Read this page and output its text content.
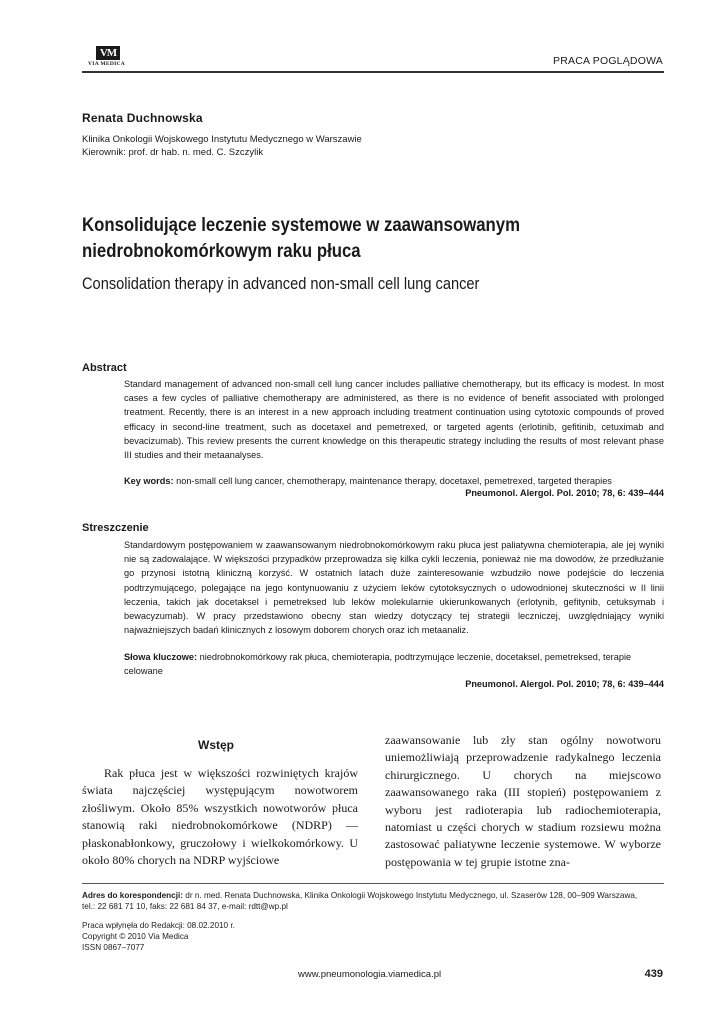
VM
VIA MEDICA	PRACA POGLĄDOWA
Renata Duchnowska
Klinika Onkologii Wojskowego Instytutu Medycznego w Warszawie
Kierownik: prof. dr hab. n. med. C. Szczylik
Konsolidujące leczenie systemowe w zaawansowanym niedrobnokomórkowym raku płuca
Consolidation therapy in advanced non-small cell lung cancer
Abstract
Standard management of advanced non-small cell lung cancer includes palliative chemotherapy, but its efficacy is modest. In most cases a few cycles of palliative chemotherapy are administered, as there is no evidence of benefit associated with prolonged treatment. Recently, there is an interest in a new approach including treatment continuation using cytotoxic compounds of proved efficacy in second-line treatment, such as docetaxel and pemetrexed, or targeted agents (erlotinib, gefitinib, cetuximab and bevacizumab). This review presents the current knowledge on this therapeutic strategy including the results of most relevant phase III studies and their metaanalyses.
Key words: non-small cell lung cancer, chemotherapy, maintenance therapy, docetaxel, pemetrexed, targeted therapies
Pneumonol. Alergol. Pol. 2010; 78, 6: 439–444
Streszczenie
Standardowym postępowaniem w zaawansowanym niedrobnokomórkowym raku płuca jest paliatywna chemioterapia, ale jej wyniki nie są zadowalające. W większości przypadków przeprowadza się kilka cykli leczenia, ponieważ nie ma dowodów, że przedłużanie go przynosi istotną kliniczną korzyść. W ostatnich latach duże zainteresowanie wzbudziło nowe podejście do leczenia podtrzymującego, polegające na jego kontynuowaniu z użyciem leków cytotoksycznych o udowodnionej skuteczności w II linii leczenia, takich jak docetaksel i pemetreksed lub leków molekularnie ukierunkowanych (erlotynib, gefitynib, cetuksymab i bewacyzumab). W pracy przedstawiono obecny stan wiedzy dotyczący tej strategii leczniczej, uwzględniający wyniki najważniejszych badań klinicznych z losowym doborem chorych oraz ich metaanaliz.
Słowa kluczowe: niedrobnokomórkowy rak płuca, chemioterapia, podtrzymujące leczenie, docetaksel, pemetreksed, terapie celowane
Pneumonol. Alergol. Pol. 2010; 78, 6: 439–444
Wstęp
Rak płuca jest w większości rozwiniętych krajów świata najczęściej występującym nowotworem złośliwym. Około 85% wszystkich nowotworów płuca stanowią raki niedrobnokomórkowe (NDRP) — płaskonabłonkowy, gruczołowy i wielkokomórkowy. U około 80% chorych na NDRP wyjściowe
zaawansowanie lub zły stan ogólny nowotworu uniemożliwiają przeprowadzenie radykalnego leczenia chirurgicznego. U chorych na miejscowo zaawansowanego raka (III stopień) postępowaniem z wyboru jest radioterapia lub radiochemioterapia, natomiast u części chorych w stadium rozsiewu można zastosować paliatywne leczenie systemowe. W wyborze postępowania w tej grupie istotne zna-
Adres do korespondencji: dr n. med. Renata Duchnowska, Klinika Onkologii Wojskowego Instytutu Medycznego, ul. Szaserów 128, 00–909 Warszawa,
tel.: 22 681 71 10, faks: 22 681 84 37, e-mail: rdtt@wp.pl
Praca wpłynęła do Redakcji: 08.02.2010 r.
Copyright © 2010 Via Medica
ISSN 0867–7077
www.pneumonologia.viamedica.pl	439
